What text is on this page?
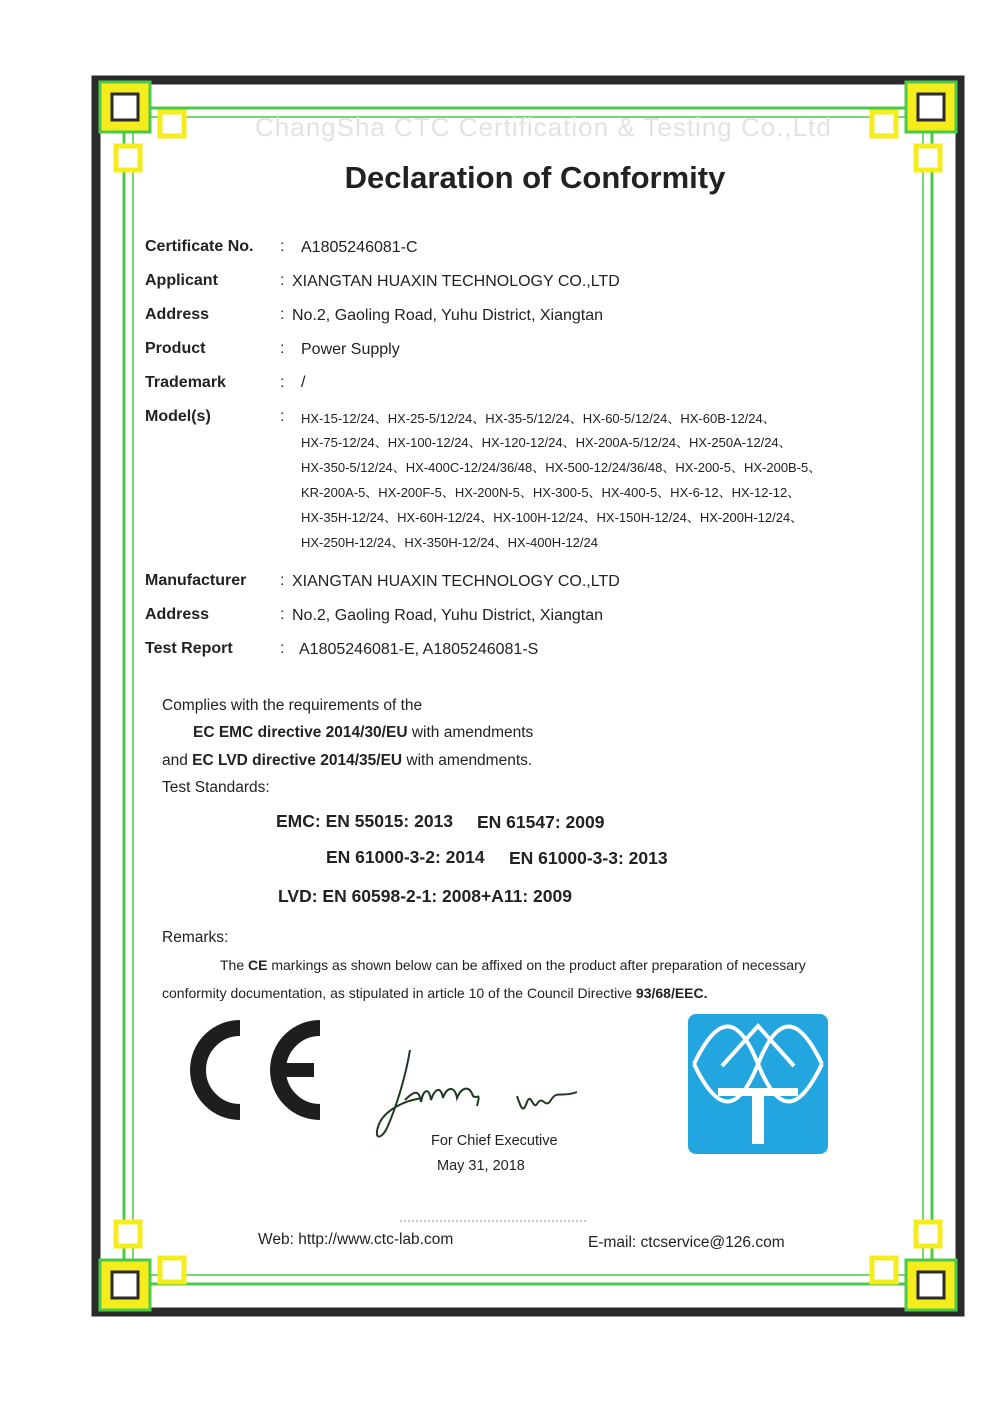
ChangSha CTC Certification & Testing Co.,Ltd
Declaration of Conformity
Certificate No. : A1805246081-C
Applicant	: XIANGTAN HUAXIN TECHNOLOGY CO.,LTD
Address	: No.2, Gaoling Road, Yuhu District, Xiangtan
Product	: Power Supply
Trademark	: /
Model(s)	: HX-15-12/24、HX-25-5/12/24、HX-35-5/12/24、HX-60-5/12/24、HX-60B-12/24、
HX-75-12/24、HX-100-12/24、HX-120-12/24、HX-200A-5/12/24、HX-250A-12/24、
HX-350-5/12/24、HX-400C-12/24/36/48、HX-500-12/24/36/48、HX-200-5、HX-200B-5、
KR-200A-5、HX-200F-5、HX-200N-5、HX-300-5、HX-400-5、HX-6-12、HX-12-12、
HX-35H-12/24、HX-60H-12/24、HX-100H-12/24、HX-150H-12/24、HX-200H-12/24、
HX-250H-12/24、HX-350H-12/24、HX-400H-12/24
Manufacturer : XIANGTAN HUAXIN TECHNOLOGY CO.,LTD
Address	: No.2, Gaoling Road, Yuhu District, Xiangtan
Test Report	: A1805246081-E, A1805246081-S
Complies with the requirements of the
EC EMC directive 2014/30/EU with amendments
and EC LVD directive 2014/35/EU with amendments.
Test Standards:
EMC: EN 55015: 2013 EN 61547: 2009
EN 61000-3-2: 2014 EN 61000-3-3: 2013
LVD: EN 60598-2-1: 2008+A11: 2009
Remarks:
The CE markings as shown below can be affixed on the product after preparation of necessary
conformity documentation, as stipulated in article 10 of the Council Directive 93/68/EEC.
For Chief Executive
May 31, 2018
Web: http://www.ctc-lab.com	E-mail: ctcservice@126.com
